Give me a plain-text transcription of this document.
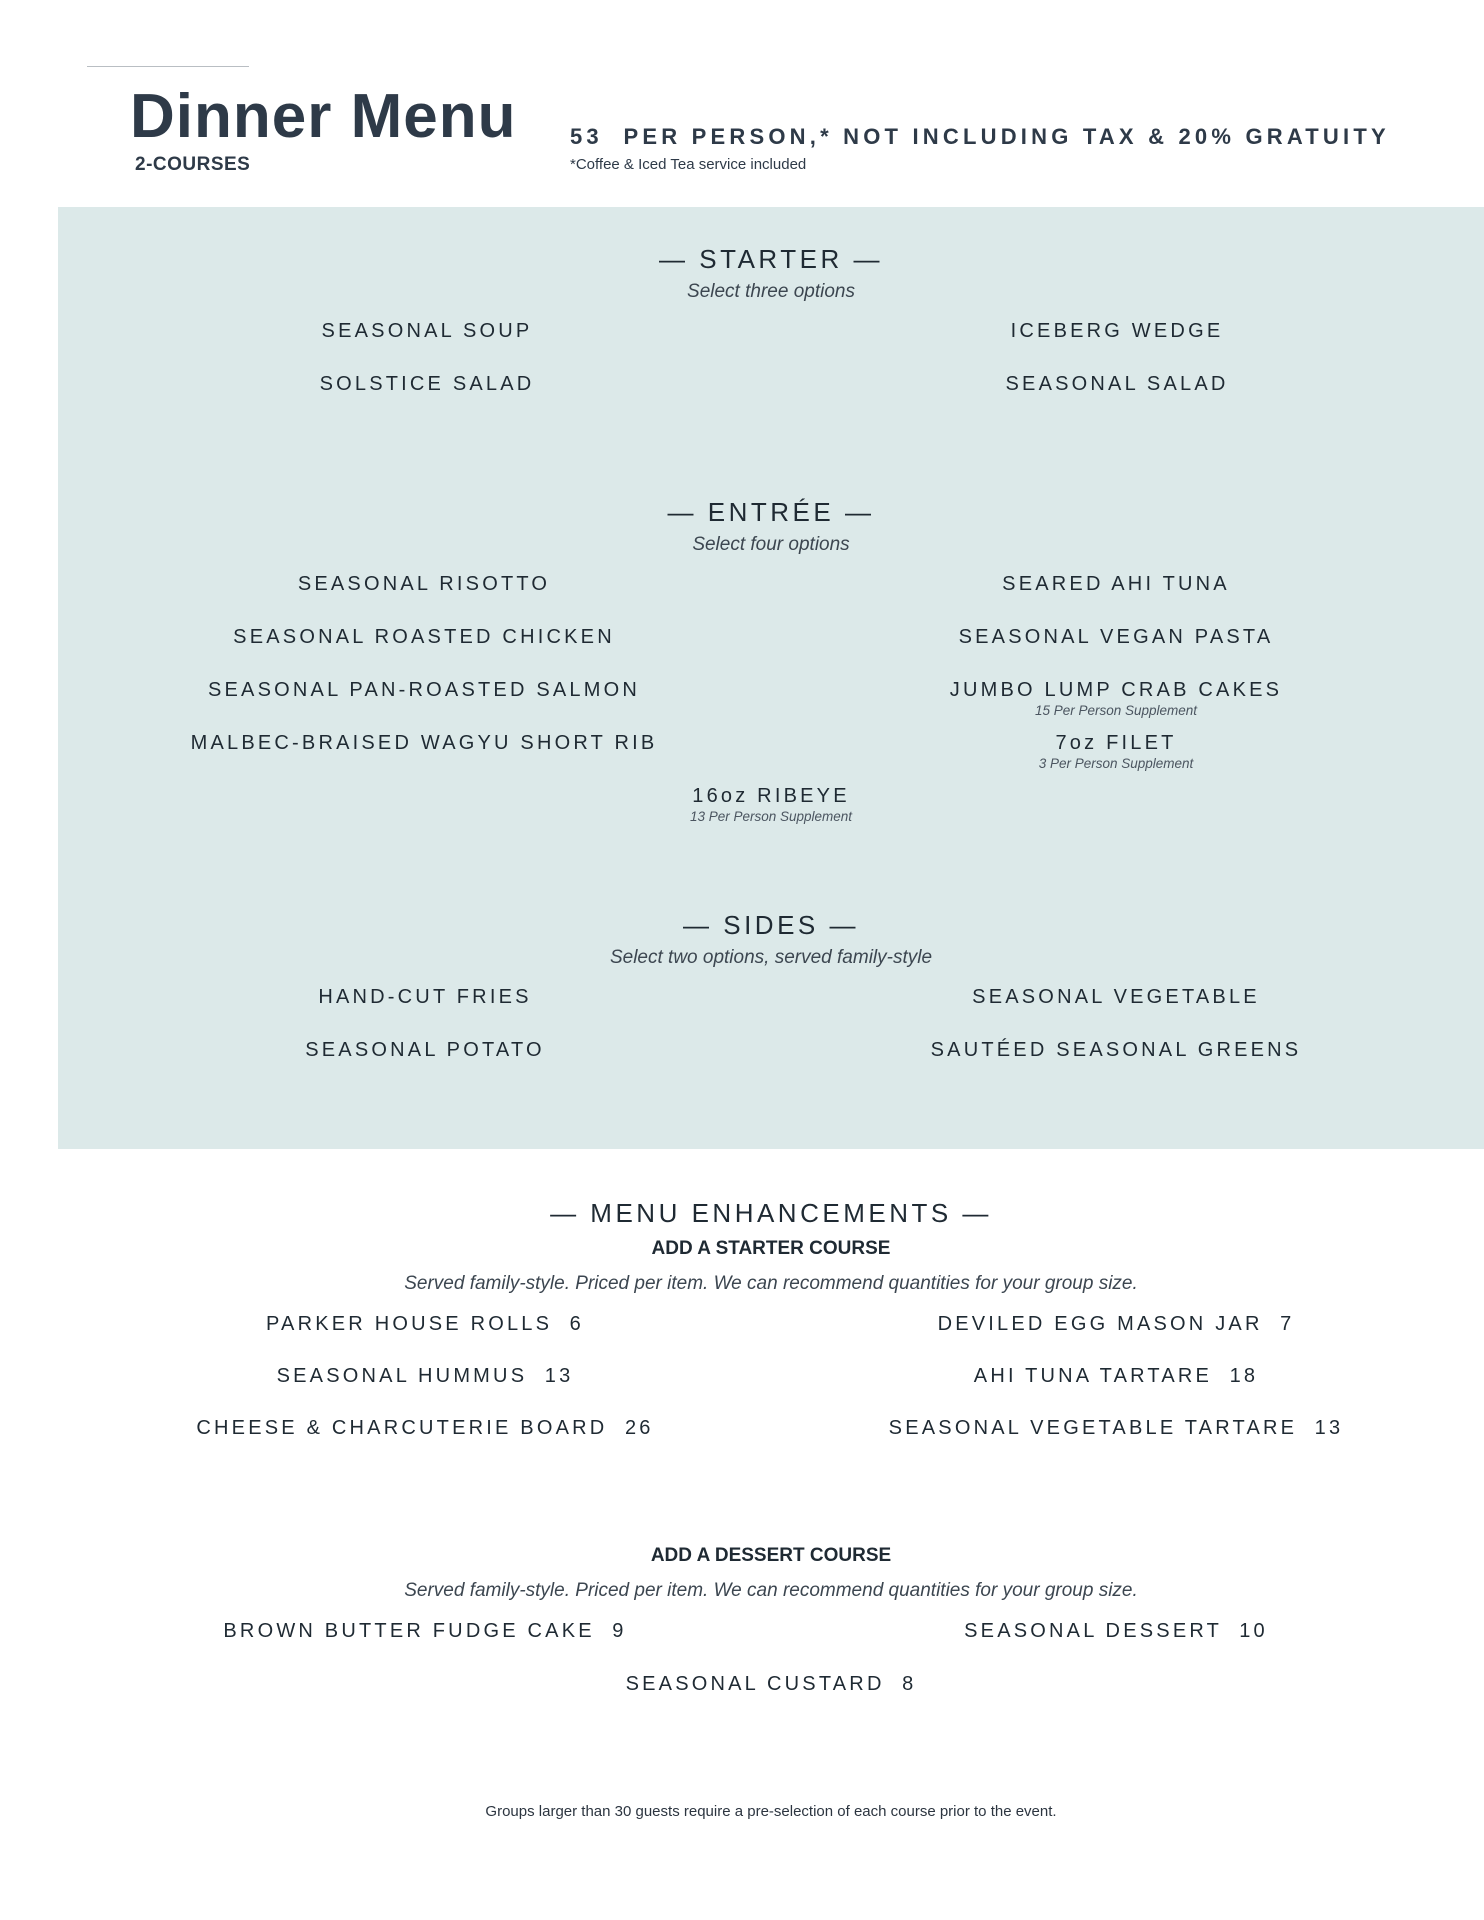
Dinner Menu
2-COURSES
53  PER PERSON,* NOT INCLUDING TAX & 20% GRATUITY
*Coffee & Iced Tea service included
— STARTER —
Select three options
SEASONAL SOUP	ICEBERG WEDGE
SOLSTICE SALAD	SEASONAL SALAD
— ENTRÉE —
Select four options
SEASONAL RISOTTO	SEARED AHI TUNA
SEASONAL ROASTED CHICKEN	SEASONAL VEGAN PASTA
SEASONAL PAN-ROASTED SALMON	JUMBO LUMP CRAB CAKES
15 Per Person Supplement
MALBEC-BRAISED WAGYU SHORT RIB	7oz FILET
3 Per Person Supplement
16oz RIBEYE
13 Per Person Supplement
— SIDES —
Select two options, served family-style
HAND-CUT FRIES	SEASONAL VEGETABLE
SEASONAL POTATO	SAUTÉED SEASONAL GREENS
— MENU ENHANCEMENTS —
ADD A STARTER COURSE
Served family-style. Priced per item. We can recommend quantities for your group size.
PARKER HOUSE ROLLS  6	DEVILED EGG MASON JAR  7
SEASONAL HUMMUS  13	AHI TUNA TARTARE  18
CHEESE & CHARCUTERIE BOARD  26	SEASONAL VEGETABLE TARTARE  13
ADD A DESSERT COURSE
Served family-style. Priced per item. We can recommend quantities for your group size.
BROWN BUTTER FUDGE CAKE  9	SEASONAL DESSERT  10
SEASONAL CUSTARD  8
Groups larger than 30 guests require a pre-selection of each course prior to the event.
